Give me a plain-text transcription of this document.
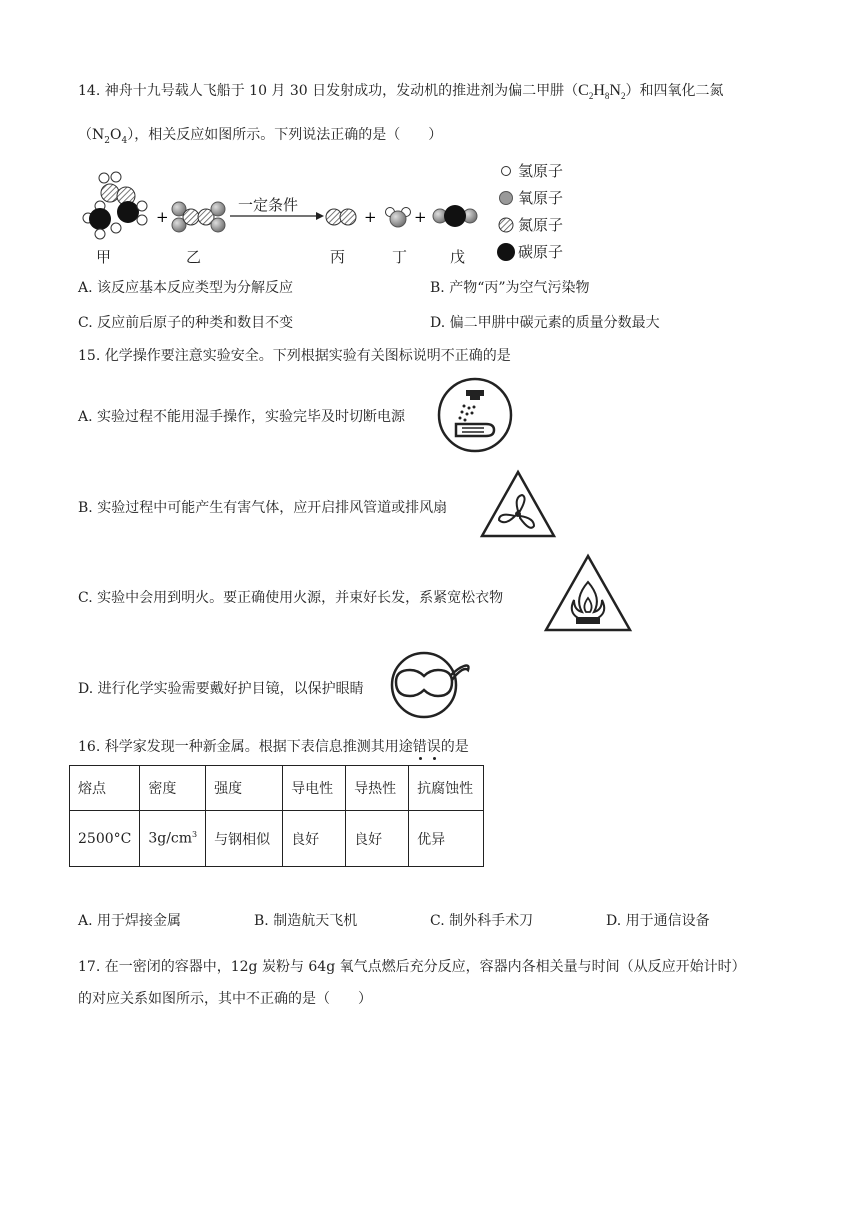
14. 神舟十九号载人飞船于 10 月 30 日发射成功，发动机的推进剂为偏二甲肼$(C_2H_8N_2)$和四氧化二氮
$(N_2O_4)$，相关反应如图所示。下列说法正确的是（　　）
+	+ +
一定条件
甲	乙	丙	丁	戊
氢原子
氧原子
氮原子
碳原子
A. 该反应基本反应类型为分解反应	B. 产物“丙”为空气污染物
C. 反应前后原子的种类和数目不变	D. 偏二甲肼中碳元素的质量分数最大
15. 化学操作要注意实验安全。下列根据实验有关图标说明不正确的是
A. 实验过程不能用湿手操作，实验完毕及时切断电源
B. 实验过程中可能产生有害气体，应开启排风管道或排风扇
C. 实验中会用到明火。要正确使用火源，并束好长发，系紧宽松衣物
D. 进行化学实验需要戴好护目镜，以保护眼睛
16. 科学家发现一种新金属。根据下表信息推测其用途错误的是
熔点	密度	强度	导电性	导热性	抗腐蚀性
2500°C	$3g/cm^3$	与钢相似	良好	良好	优异
A. 用于焊接金属	B. 制造航天飞机	C. 制外科手术刀	D. 用于通信设备
17. 在一密闭的容器中，12g 炭粉与 64g 氧气点燃后充分反应，容器内各相关量与时间（从反应开始计时）
的对应关系如图所示，其中不正确的是（　　）
